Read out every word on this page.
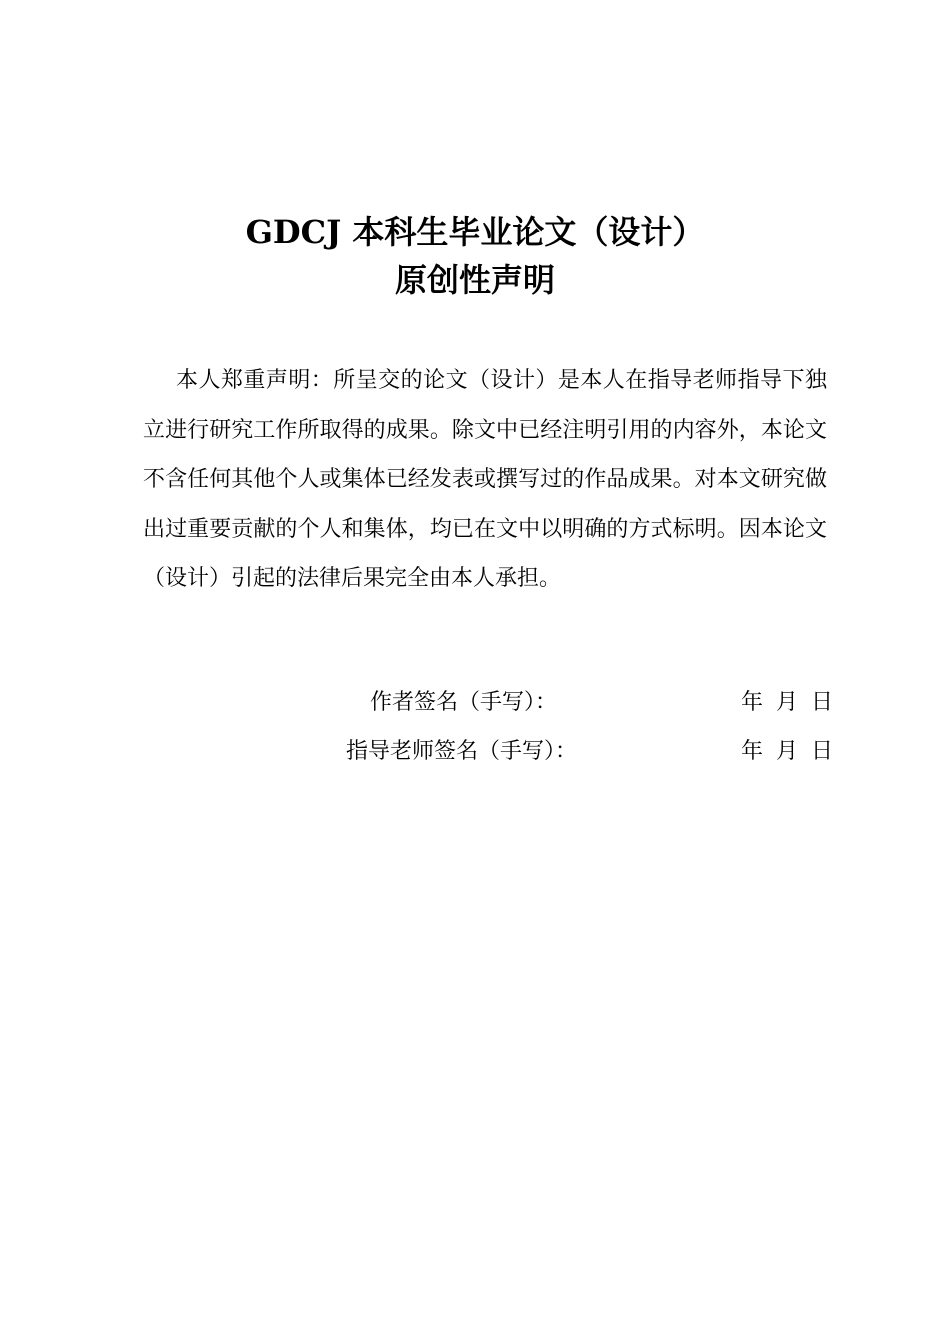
GDCJ 本科生毕业论文（设计）
原创性声明

本人郑重声明：所呈交的论文（设计）是本人在指导老师指导下独立进行研究工作所取得的成果。除文中已经注明引用的内容外，本论文不含任何其他个人或集体已经发表或撰写过的作品成果。对本文研究做出过重要贡献的个人和集体，均已在文中以明确的方式标明。因本论文（设计）引起的法律后果完全由本人承担。

作者签名（手写）：	年 月 日
指导老师签名（手写）：	年 月 日
